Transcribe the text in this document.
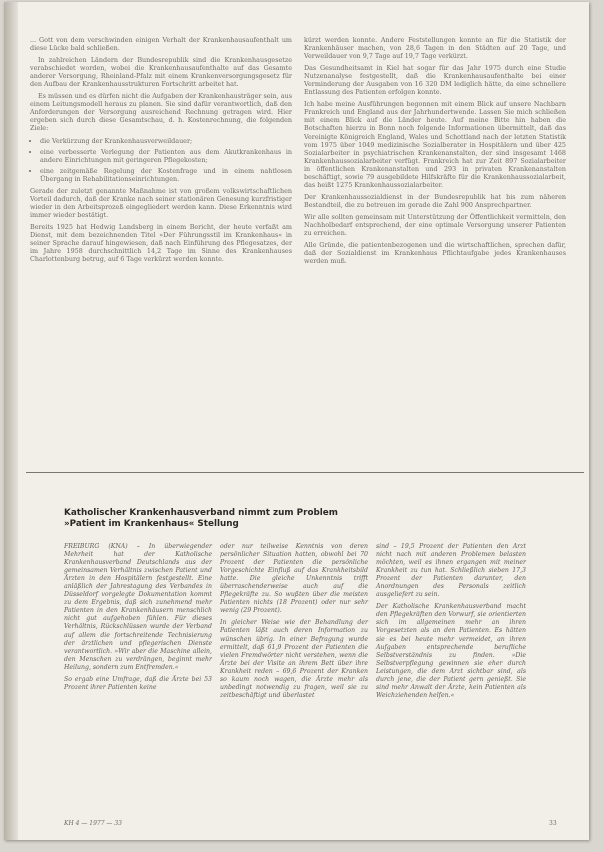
... Gott von dem verschwinden einigen Verhalt der Krankenhausaufenthalt um diese Lücke bald schließen.

In zahlreichen Ländern der Bundesrepublik sind die Krankenhausgesetze verabschiedet worden, wobei die Krankenhausaufenthalte auf das Gesamte anderer Versorgung, Rheinland-Pfalz mit einem Krankenversorgungsgesetz für den Aufbau der Krankenhausstrukturen Fortschritt arbeitet hat.

Es müssen und es dürfen nicht die Aufgaben der Krankenhausträger sein, aus einem Leitungsmodell heraus zu planen. Sie sind dafür verantwortlich, daß den Anforderungen der Versorgung ausreichend Rechnung getragen wird. Hier ergeben sich durch diese Gesamtschau, d. h. Kostenrechnung, die folgenden Ziele:

• die Verkürzung der Krankenhausverweildauer;
• eine verbesserte Verlegung der Patienten aus dem Akutkrankenhaus in andere Einrichtungen mit geringeren Pflegekosten;
• eine zeitgemäße Regelung der Kostenfrage und in einem nahtlosen Übergang in Rehabilitationseinrichtungen.

Gerade der zuletzt genannte Maßnahme ist von großem volkswirtschaftlichen Vorteil dadurch, daß der Kranke nach seiner stationären Genesung kurzfristiger wieder in den Arbeitsprozeß eingegliedert werden kann. Diese Erkenntnis wird immer wieder bestätigt.

Bereits 1925 hat Hedwig Landsberg in einem Bericht, der heute verfaßt am Dienst, mit dem bezeichnenden Titel »Der Führungsstil im Krankenhaus« in seiner Sprache darauf hingewiesen, daß nach Einführung des Pflegesatzes, der im Jahre 1958 durchschnittlich 14,2 Tage im Sinne des Krankenhauses Charlottenburg betrug, auf 6 Tage verkürzt werden konnte.

kürzt werden konnte. Andere Feststellungen konnte an für die Statistik der Krankenhäuser machen, von 28,6 Tagen in den Städten auf 20 Tage, und Verweildauer von 9,7 Tage auf 19,7 Tage verkürzt.

Das Gesundheitsamt in Kiel hat sogar für das Jahr 1975 durch eine Studie Nutzenanalyse festgestellt, daß die Krankenhausaufenthalte bei einer Verminderung der Ausgaben von 16 320 DM lediglich hätte, da eine schnellere Entlassung des Patienten erfolgen konnte.

Ich habe meine Ausführungen begonnen mit einem Blick auf unsere Nachbarn Frankreich und England aus der Jahrhundertwende. Lassen Sie mich schließen mit einem Blick auf die Länder heute. Auf meine Bitte hin haben die Botschaften hierzu in Bonn noch folgende Informationen übermittelt, daß das Vereinigte Königreich England, Wales und Schottland nach der letzten Statistik vom 1975 über 1049 medizinische Sozialberater in Hospitälern und über 425 Sozialarbeiter in psychiatrischen Krankenanstalten, der sind insgesamt 1468 Krankenhaussozialarbeiter verfügt. Frankreich hat zur Zeit 897 Sozialarbeiter in öffentlichen Krankenanstalten und 293 in privaten Krankenanstalten beschäftigt, sowie 79 ausgebildete Hilfskräfte für die Krankenhaussozialarbeit, das heißt 1275 Krankenhaussozialarbeiter.

Der Krankenhaussozialdienst in der Bundesrepublik hat bis zum näheren Bestandteil, die zu betreuen im gerade die Zahl 900 Ansprechpartner.

Wir alle sollten gemeinsam mit Unterstützung der Öffentlichkeit vermitteln, den Nachholbedarf entsprechend, der eine optimale Versorgung unserer Patienten zu erreichen.

Alle Gründe, die patientenbezogenen und die wirtschaftlichen, sprechen dafür, daß der Sozialdienst im Krankenhaus Pflichtaufgabe jedes Krankenhauses werden muß.

Katholischer Krankenhausverband nimmt zum Problem
»Patient im Krankenhaus« Stellung

FREIBURG (KNA) – In überwiegender Mehrheit hat der Katholische Krankenhausverband Deutschlands aus der gemeinsamen Verhältnis zwischen Patient und Ärzten in den Hospitälern festgestellt. Eine anläßlich der Jahrestagung des Verbandes in Düsseldorf vorgelegte Dokumentation kommt zu dem Ergebnis, daß sich zunehmend mehr Patienten in den Krankenhäusern menschlich nicht gut aufgehoben fühlen. Für dieses Verhältnis, Rückschlüssen wurde der Verband auf allem die fortschreitende Technisierung der ärztlichen und pflegerischen Dienste verantwortlich. »Wir aber die Maschine allein, den Menschen zu verdrängen, beginnt mehr Heilung, sondern zum Entfremden.«

So ergab eine Umfrage, daß die Ärzte bei 53 Prozent ihrer Patienten keine

oder nur teilweise Kenntnis von deren persönlicher Situation hatten, obwohl bei 70 Prozent der Patienten die persönliche Vorgeschichte Einfluß auf das Krankheitsbild hatte. Die gleiche Unkenntnis trifft überraschenderweise auch auf die Pflegekräfte zu. So wußten über die meisten Patienten nichts (18 Prozent) oder nur sehr wenig (29 Prozent).

In gleicher Weise wie der Behandlung der Patienten läßt auch deren Information zu wünschen übrig. In einer Befragung wurde ermittelt, daß 61,9 Prozent der Patienten die vielen Fremdwörter nicht verstehen, wenn die Ärzte bei der Visite an ihrem Bett über ihre Krankheit reden – 69,6 Prozent der Kranken so kaum noch wagen, die Ärzte mehr als unbedingt notwendig zu fragen, weil sie zu zeitbeschäftigt und überlastet

sind – 19,5 Prozent der Patienten den Arzt nicht nach mit anderen Problemen belasten möchten, weil es ihnen ergangen mit meiner Krankheit zu tun hat. Schließlich sieben 17,3 Prozent der Patienten darunter, den Anordnungen des Personals zeitlich ausgeliefert zu sein.

Der Katholische Krankenhausverband macht den Pflegekräften den Vorwurf, sie orientierten sich im allgemeinen mehr an ihren Vorgesetzten als an den Patienten. Es hätten sie es bei heute mehr vermeidet, an ihren Aufgaben entsprechende berufliche Selbstverständnis zu finden. »Die Selbstverpflegung gewinnen sie eher durch Leistungen, die dem Arzt sichtbar sind, als durch jene, die der Patient gern genießt. Sie sind mehr Anwalt der Ärzte, kein Patienten als Weichziehenden helfen.«

KH 4 — 1977 — 33	33
